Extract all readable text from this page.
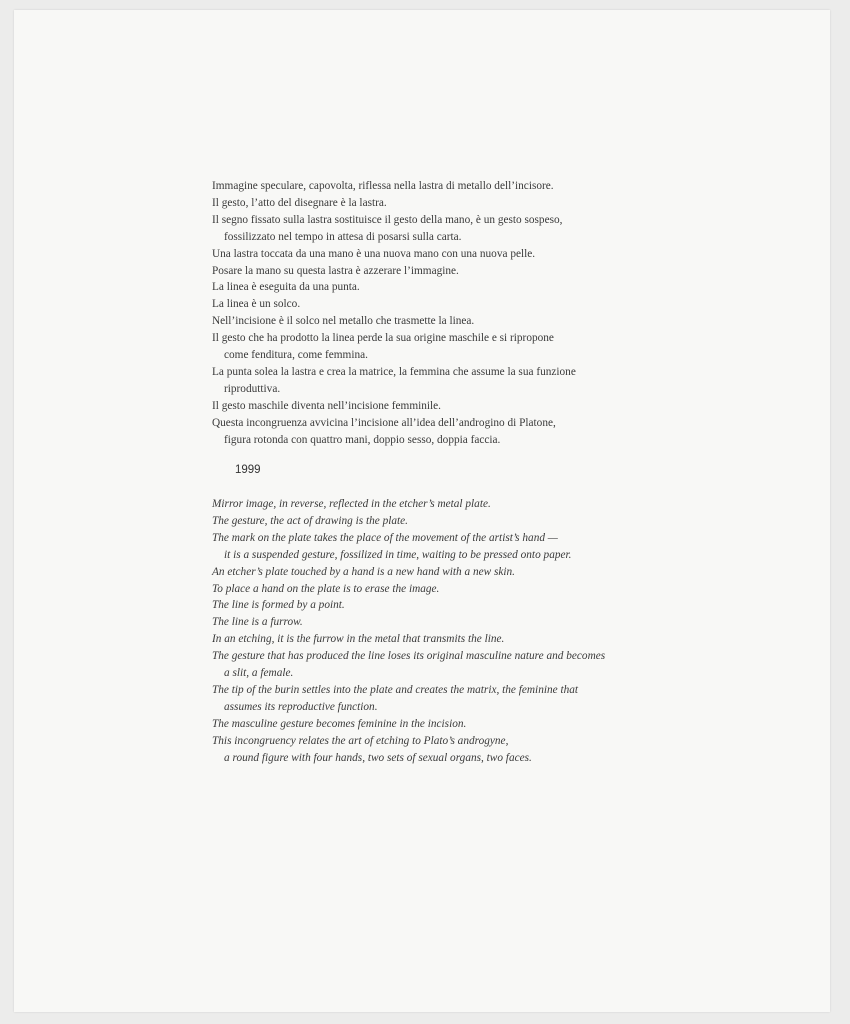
Immagine speculare, capovolta, riflessa nella lastra di metallo dell’incisore.
Il gesto, l’atto del disegnare è la lastra.
Il segno fissato sulla lastra sostituisce il gesto della mano, è un gesto sospeso,
fossilizzato nel tempo in attesa di posarsi sulla carta.
Una lastra toccata da una mano è una nuova mano con una nuova pelle.
Posare la mano su questa lastra è azzerare l’immagine.
La linea è eseguita da una punta.
La linea è un solco.
Nell’incisione è il solco nel metallo che trasmette la linea.
Il gesto che ha prodotto la linea perde la sua origine maschile e si ripropone
come fenditura, come femmina.
La punta solea la lastra e crea la matrice, la femmina che assume la sua funzione
riproduttiva.
Il gesto maschile diventa nell’incisione femminile.
Questa incongruenza avvicina l’incisione all’idea dell’androgino di Platone,
figura rotonda con quattro mani, doppio sesso, doppia faccia.
1999
Mirror image, in reverse, reflected in the etcher’s metal plate.
The gesture, the act of drawing is the plate.
The mark on the plate takes the place of the movement of the artist’s hand —
it is a suspended gesture, fossilized in time, waiting to be pressed onto paper.
An etcher’s plate touched by a hand is a new hand with a new skin.
To place a hand on the plate is to erase the image.
The line is formed by a point.
The line is a furrow.
In an etching, it is the furrow in the metal that transmits the line.
The gesture that has produced the line loses its original masculine nature and becomes
a slit, a female.
The tip of the burin settles into the plate and creates the matrix, the feminine that
assumes its reproductive function.
The masculine gesture becomes feminine in the incision.
This incongruency relates the art of etching to Plato’s androgyne,
a round figure with four hands, two sets of sexual organs, two faces.
